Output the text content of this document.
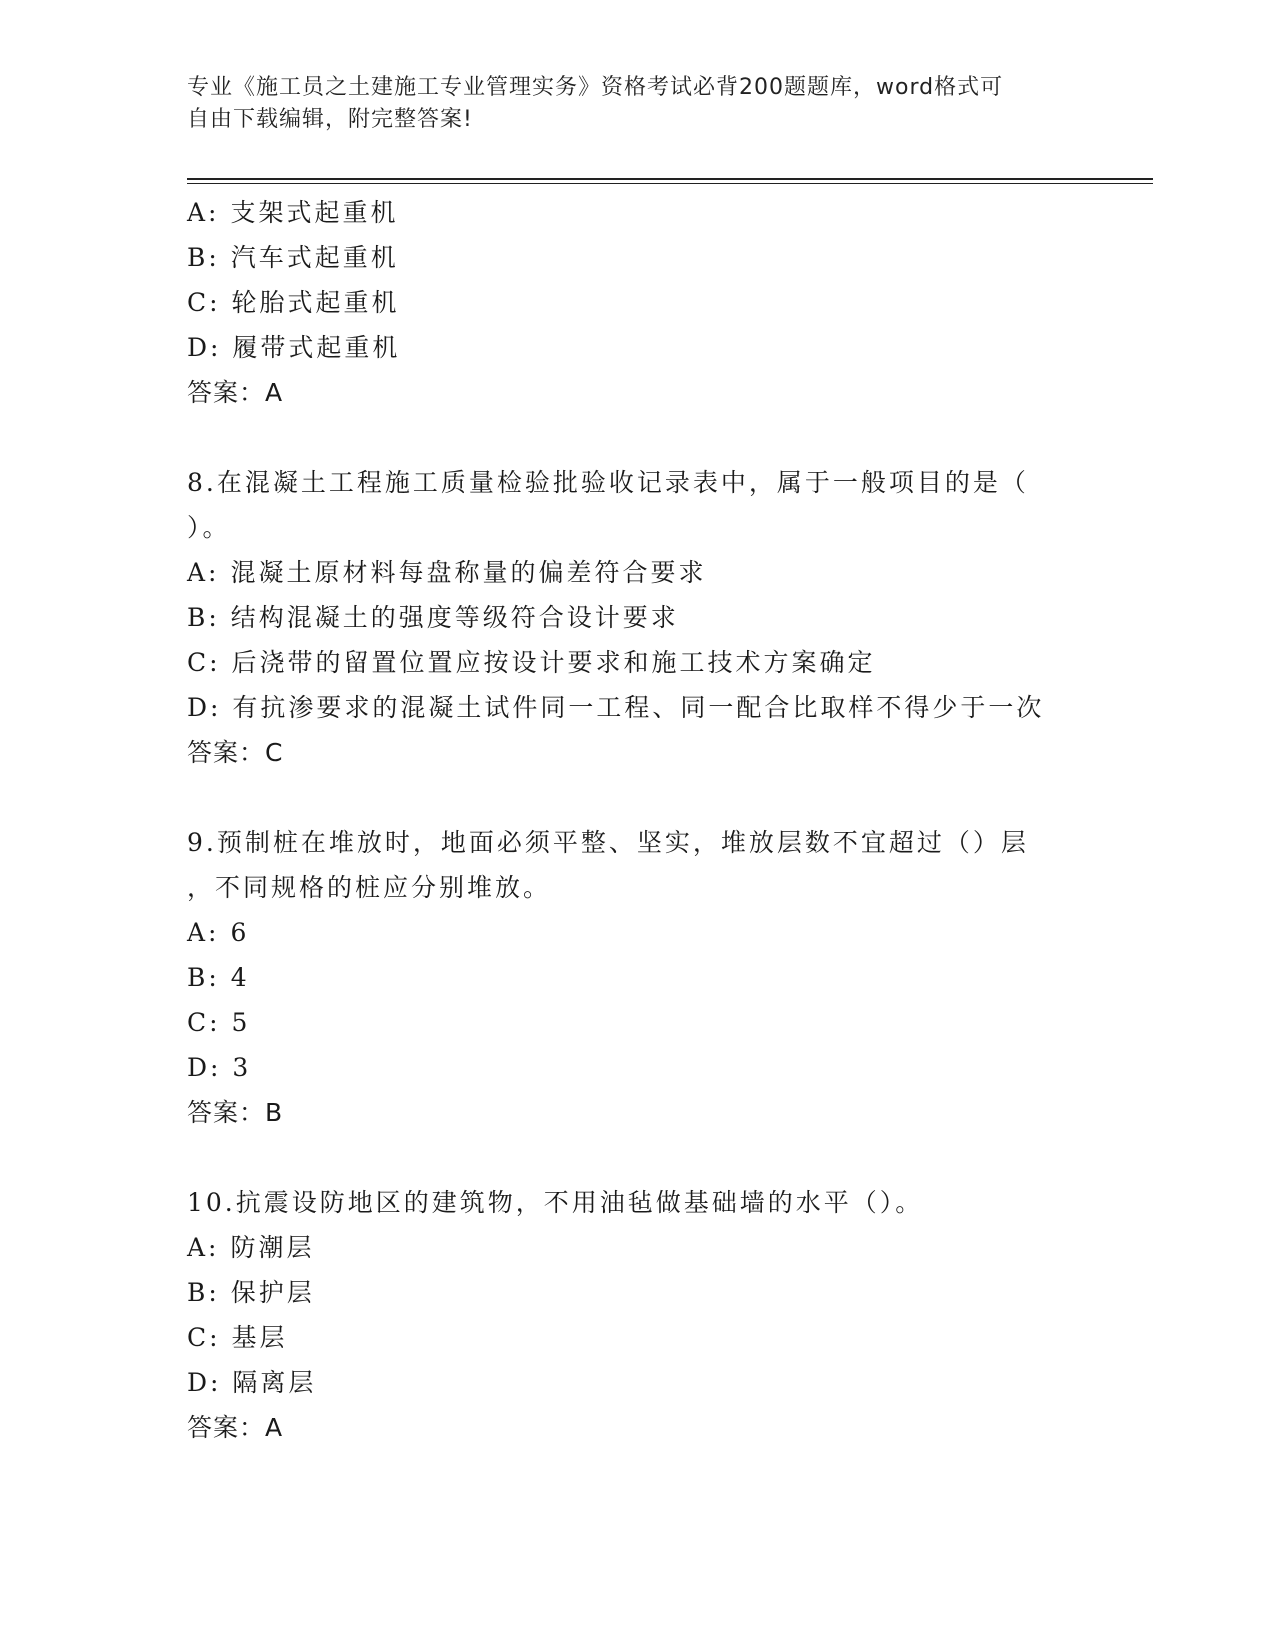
专业《施工员之土建施工专业管理实务》资格考试必背200题题库，word格式可
自由下载编辑，附完整答案!
A: 支架式起重机
B: 汽车式起重机
C: 轮胎式起重机
D: 履带式起重机
答案：A
8.在混凝土工程施工质量检验批验收记录表中，属于一般项目的是（
）。
A: 混凝土原材料每盘称量的偏差符合要求
B: 结构混凝土的强度等级符合设计要求
C: 后浇带的留置位置应按设计要求和施工技术方案确定
D: 有抗渗要求的混凝土试件同一工程、同一配合比取样不得少于一次
答案：C
9.预制桩在堆放时，地面必须平整、坚实，堆放层数不宜超过（）层
，不同规格的桩应分别堆放。
A: 6
B: 4
C: 5
D: 3
答案：B
10.抗震设防地区的建筑物，不用油毡做基础墙的水平（）。
A: 防潮层
B: 保护层
C: 基层
D: 隔离层
答案：A
